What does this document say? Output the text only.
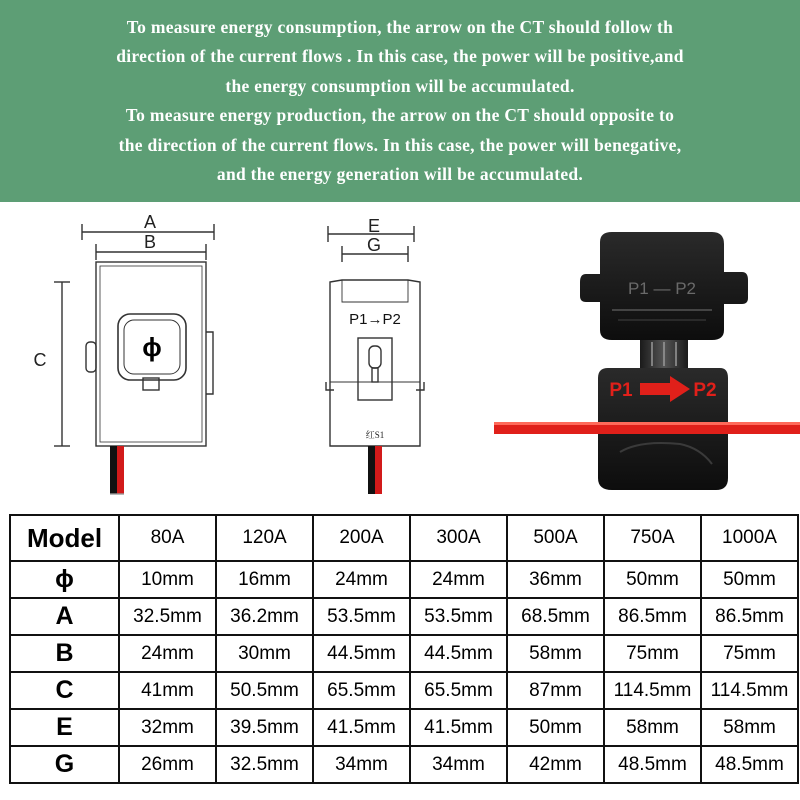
To measure energy consumption, the arrow on the CT should follow th
direction of the current flows . In this case, the power will be positive,and
the energy consumption will be accumulated.
To measure energy production, the arrow on the CT should opposite to
the direction of the current flows. In this case, the power will benegative,
and the energy generation will be accumulated.
A
B
C	ϕ
E
G
P1→P2
红S1
P1 — P2
P1	P2
Model	80A	120A	200A	300A	500A	750A	1000A
ϕ	10mm	16mm	24mm	24mm	36mm	50mm	50mm
A	32.5mm	36.2mm	53.5mm	53.5mm	68.5mm	86.5mm	86.5mm
B	24mm	30mm	44.5mm	44.5mm	58mm	75mm	75mm
C	41mm	50.5mm	65.5mm	65.5mm	87mm	114.5mm	114.5mm
E	32mm	39.5mm	41.5mm	41.5mm	50mm	58mm	58mm
G	26mm	32.5mm	34mm	34mm	42mm	48.5mm	48.5mm
